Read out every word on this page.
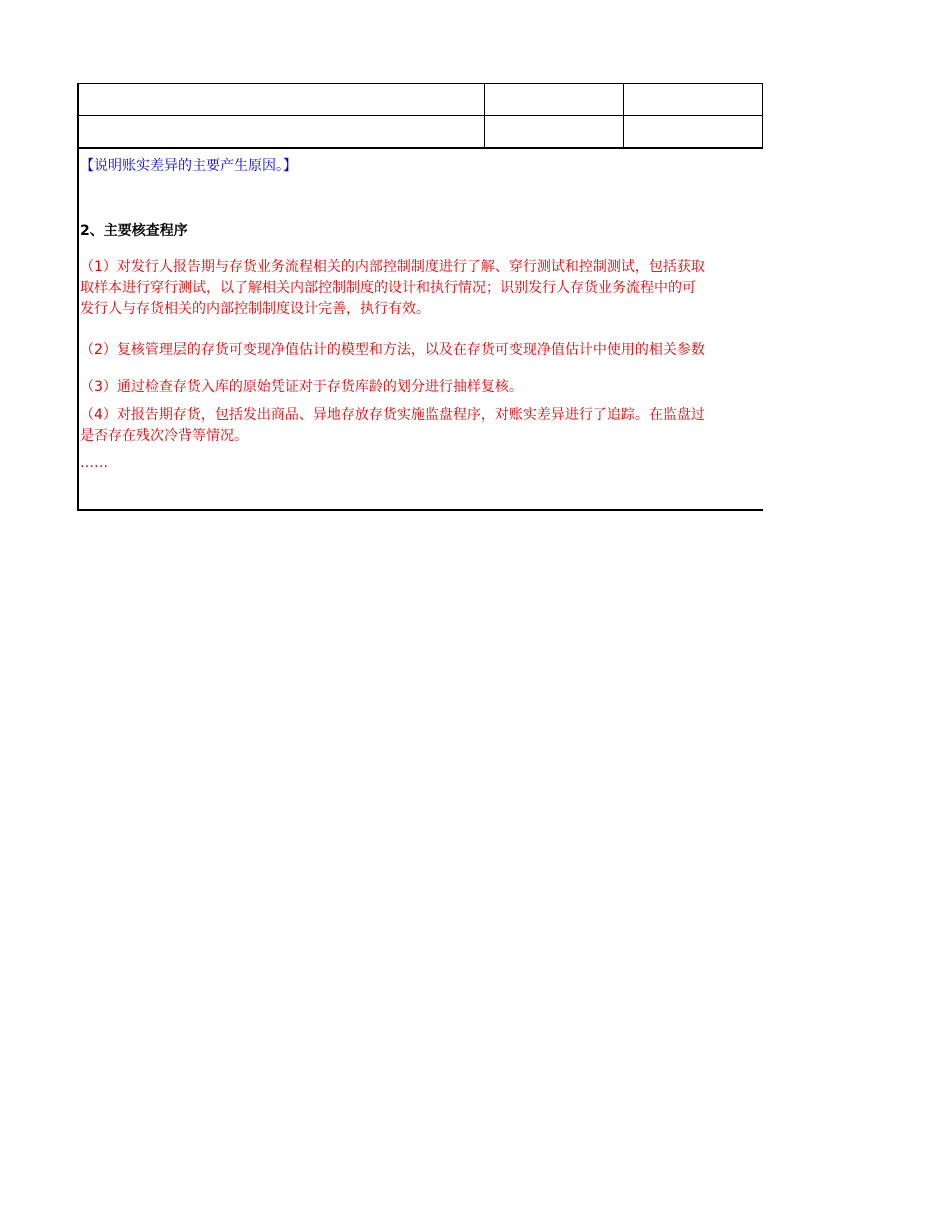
【说明账实差异的主要产生原因。】
2、主要核查程序
（1）对发行人报告期与存货业务流程相关的内部控制制度进行了解、穿行测试和控制测试，包括获取
取样本进行穿行测试，以了解相关内部控制制度的设计和执行情况；识别发行人存货业务流程中的可
发行人与存货相关的内部控制制度设计完善，执行有效。
（2）复核管理层的存货可变现净值估计的模型和方法，以及在存货可变现净值估计中使用的相关参数
（3）通过检查存货入库的原始凭证对于存货库龄的划分进行抽样复核。
（4）对报告期存货，包括发出商品、异地存放存货实施监盘程序，对账实差异进行了追踪。在监盘过
是否存在残次冷背等情况。
……
